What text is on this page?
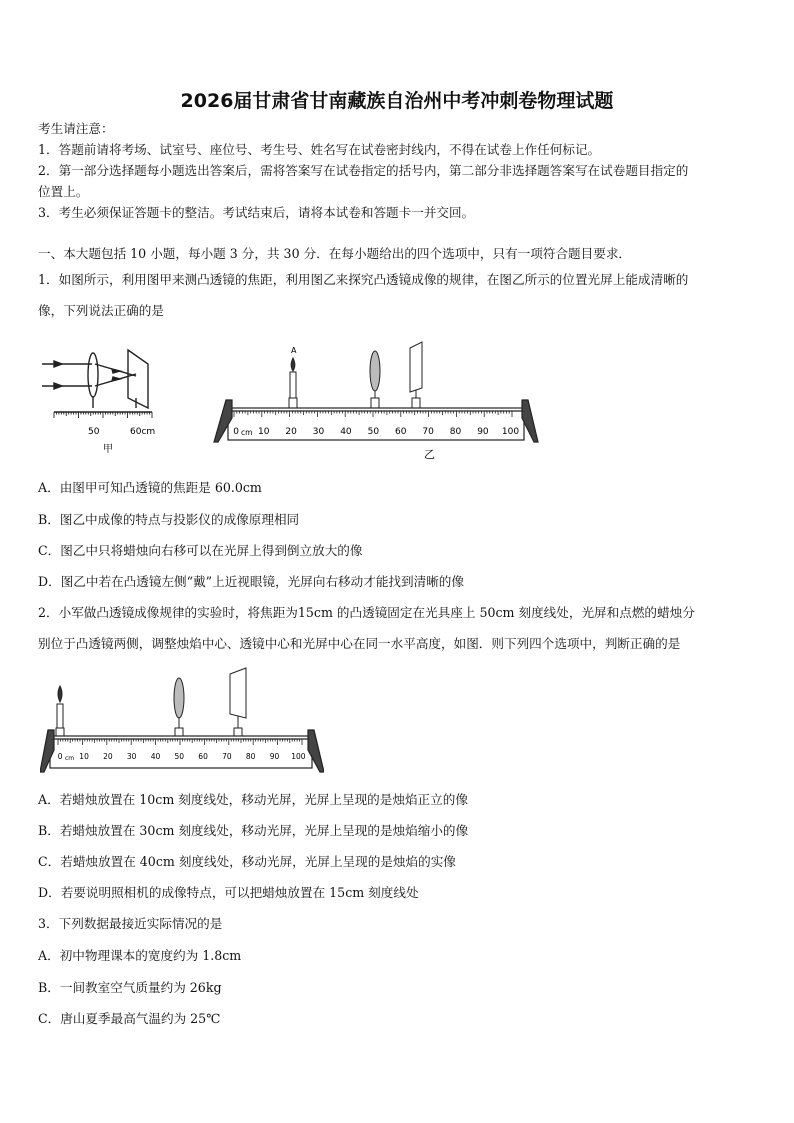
2026届甘肃省甘南藏族自治州中考冲刺卷物理试题
考生请注意：
1．答题前请将考场、试室号、座位号、考生号、姓名写在试卷密封线内，不得在试卷上作任何标记。
2．第一部分选择题每小题选出答案后，需将答案写在试卷指定的括号内，第二部分非选择题答案写在试卷题目指定的
位置上。
3．考生必须保证答题卡的整洁。考试结束后，请将本试卷和答题卡一并交回。
一、本大题包括 10 小题，每小题 3 分，共 30 分．在每小题给出的四个选项中，只有一项符合题目要求．
1．如图所示，利用图甲来测凸透镜的焦距，利用图乙来探究凸透镜成像的规律，在图乙所示的位置光屏上能成清晰的
像，下列说法正确的是
50	60cm
甲
0 cm 10 20 30 40 50 60 70 80 90 100
A
乙
A．由图甲可知凸透镜的焦距是 60.0cm
B．图乙中成像的特点与投影仪的成像原理相同
C．图乙中只将蜡烛向右移可以在光屏上得到倒立放大的像
D．图乙中若在凸透镜左侧“戴”上近视眼镜，光屏向右移动才能找到清晰的像
2．小军做凸透镜成像规律的实验时，将焦距为15cm 的凸透镜固定在光具座上 50cm 刻度线处，光屏和点燃的蜡烛分
别位于凸透镜两侧，调整烛焰中心、透镜中心和光屏中心在同一水平高度，如图．则下列四个选项中，判断正确的是
0 cm 10 20 30 40 50 60 70 80 90 100
A．若蜡烛放置在 10cm 刻度线处，移动光屏，光屏上呈现的是烛焰正立的像
B．若蜡烛放置在 30cm 刻度线处，移动光屏，光屏上呈现的是烛焰缩小的像
C．若蜡烛放置在 40cm 刻度线处，移动光屏，光屏上呈现的是烛焰的实像
D．若要说明照相机的成像特点，可以把蜡烛放置在 15cm 刻度线处
3．下列数据最接近实际情况的是
A．初中物理课本的宽度约为 1.8cm
B．一间教室空气质量约为 26kg
C．唐山夏季最高气温约为 25℃
